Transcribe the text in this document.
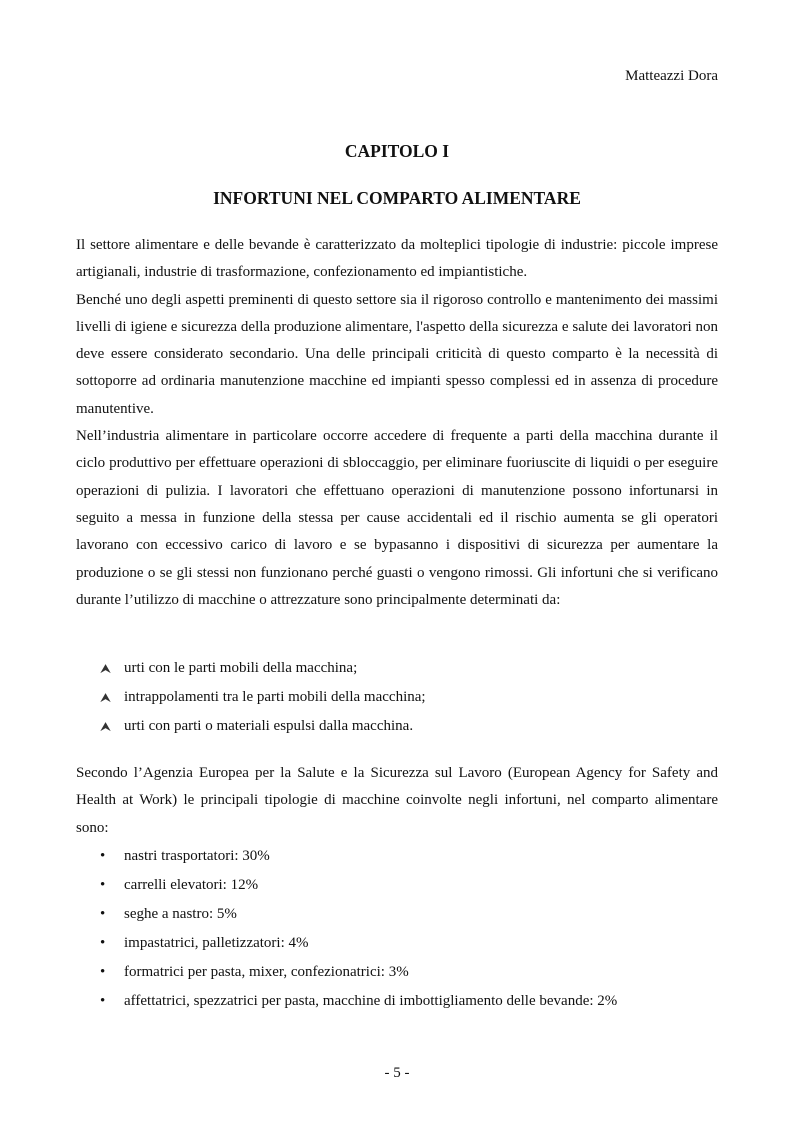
Matteazzi Dora
CAPITOLO I
INFORTUNI NEL COMPARTO ALIMENTARE

Il settore alimentare e delle bevande è caratterizzato da molteplici tipologie di industrie: piccole imprese artigianali, industrie di trasformazione, confezionamento ed impiantistiche.

Benché uno degli aspetti preminenti di questo settore sia il rigoroso controllo e mantenimento dei massimi livelli di igiene e sicurezza della produzione alimentare, l'aspetto della sicurezza e salute dei lavoratori non deve essere considerato secondario. Una delle principali criticità di questo comparto è la necessità di sottoporre ad ordinaria manutenzione macchine ed impianti spesso complessi ed in assenza di procedure manutentive.

Nell’industria alimentare in particolare occorre accedere di frequente a parti della macchina durante il ciclo produttivo per effettuare operazioni di sbloccaggio, per eliminare fuoriuscite di liquidi o per eseguire operazioni di pulizia. I lavoratori che effettuano operazioni di manutenzione possono infortunarsi in seguito a messa in funzione della stessa per cause accidentali ed il rischio aumenta se gli operatori lavorano con eccessivo carico di lavoro e se bypasanno i dispositivi di sicurezza per aumentare la produzione o se gli stessi non funzionano perché guasti o vengono rimossi. Gli infortuni che si verificano durante l’utilizzo di macchine o attrezzature sono principalmente determinati da:

⮝ urti con le parti mobili della macchina;
⮝ intrappolamenti tra le parti mobili della macchina;
⮝ urti con parti o materiali espulsi dalla macchina.

Secondo l’Agenzia Europea per la Salute e la Sicurezza sul Lavoro (European Agency for Safety and Health at Work) le principali tipologie di macchine coinvolte negli infortuni, nel comparto alimentare sono:

•	nastri trasportatori: 30%
•	carrelli elevatori: 12%
•	seghe a nastro: 5%
•	impastatrici, palletizzatori: 4%
•	formatrici per pasta, mixer, confezionatrici: 3%
•	affettatrici, spezzatrici per pasta, macchine di imbottigliamento delle bevande: 2%
- 5 -
